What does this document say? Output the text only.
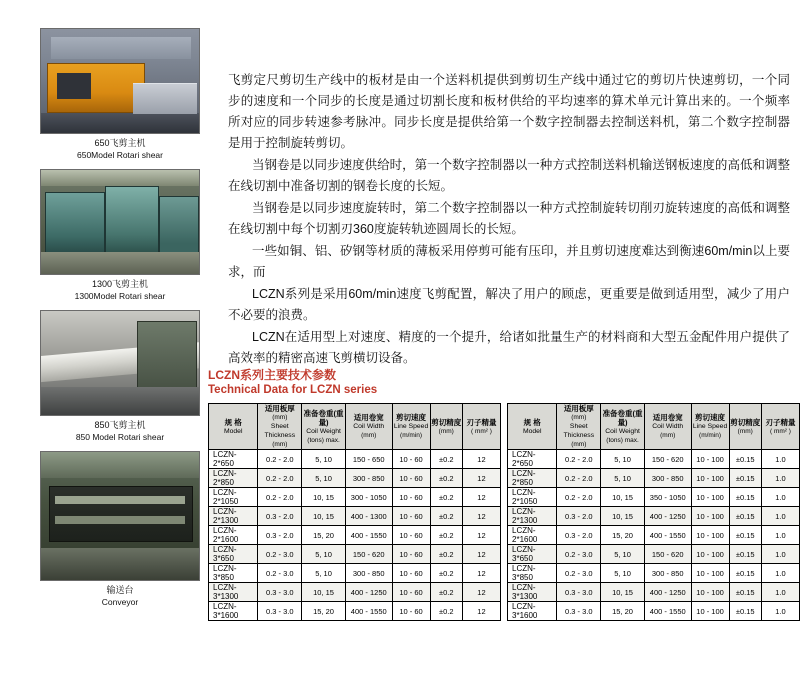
650飞剪主机
650Model Rotari shear
1300飞剪主机
1300Model Rotari shear
850飞剪主机
850 Model Rotari shear
输送台
Conveyor

飞剪定尺剪切生产线中的板材是由一个送料机提供到剪切生产线中通过它的剪切片快速剪切，一个同步的速度和一个同步的长度是通过切割长度和板材供给的平均速率的算术单元计算出来的。一个频率所对应的同步转速参考脉冲。同步长度是提供给第一个数字控制器去控制送料机，第二个数字控制器是用于控制旋转剪切。

当钢卷是以同步速度供给时，第一个数字控制器以一种方式控制送料机输送钢板速度的高低和调整在线切割中准备切割的钢卷长度的长短。

当钢卷是以同步速度旋转时，第二个数字控制器以一种方式控制旋转切削刃旋转速度的高低和调整在线切割中每个切割刃360度旋转轨迹圆周长的长短。

一些如铜、铝、矽钢等材质的薄板采用停剪可能有压印，并且剪切速度难达到衡速60m/min以上要求，而

LCZN系列是采用60m/min速度飞剪配置，解决了用户的顾虑，更重要是做到适用型，减少了用户不必要的浪费。

LCZN在适用型上对速度、精度的一个提升，给诸如批量生产的材料商和大型五金配件用户提供了高效率的精密高速飞剪横切设备。

LCZN系列主要技术参数
Technical Data for LCZN series
规 格
Model	适用板厚
(mm)
Sheet Thickness
(mm)	准备卷重(重量)
Coil Weight
(tons) max.	适用卷宽
Coil Width
(mm)	剪切速度
Line Speed
(m/min)	剪切精度
(mm)	刃子精量
( mm² )

LCZN-2*650	0.2 - 2.0	5, 10	150 - 650	10 - 60	±0.2	12
LCZN-2*850	0.2 - 2.0	5, 10	300 - 850	10 - 60	±0.2	12
LCZN-2*1050	0.2 - 2.0	10, 15	300 - 1050	10 - 60	±0.2	12
LCZN-2*1300	0.3 - 2.0	10, 15	400 - 1300	10 - 60	±0.2	12
LCZN-2*1600	0.3 - 2.0	15, 20	400 - 1550	10 - 60	±0.2	12
LCZN-3*650	0.2 - 3.0	5, 10	150 - 620	10 - 60	±0.2	12
LCZN-3*850	0.2 - 3.0	5, 10	300 - 850	10 - 60	±0.2	12
LCZN-3*1300	0.3 - 3.0	10, 15	400 - 1250	10 - 60	±0.2	12
LCZN-3*1600	0.3 - 3.0	15, 20	400 - 1550	10 - 60	±0.2	12
规 格
Model	适用板厚
(mm)
Sheet Thickness
(mm)	准备卷重(重量)
Coil Weight
(tons) max.	适用卷宽
Coil Width
(mm)	剪切速度
Line Speed
(m/min)	剪切精度
(mm)	刃子精量
( mm² )

LCZN-2*650	0.2 - 2.0	5, 10	150 - 620	10 - 100	±0.15	1.0
LCZN-2*850	0.2 - 2.0	5, 10	300 - 850	10 - 100	±0.15	1.0
LCZN-2*1050	0.2 - 2.0	10, 15	350 - 1050	10 - 100	±0.15	1.0
LCZN-2*1300	0.3 - 2.0	10, 15	400 - 1250	10 - 100	±0.15	1.0
LCZN-2*1600	0.3 - 2.0	15, 20	400 - 1550	10 - 100	±0.15	1.0
LCZN-3*650	0.2 - 3.0	5, 10	150 - 620	10 - 100	±0.15	1.0
LCZN-3*850	0.2 - 3.0	5, 10	300 - 850	10 - 100	±0.15	1.0
LCZN-3*1300	0.3 - 3.0	10, 15	400 - 1250	10 - 100	±0.15	1.0
LCZN-3*1600	0.3 - 3.0	15, 20	400 - 1550	10 - 100	±0.15	1.0
